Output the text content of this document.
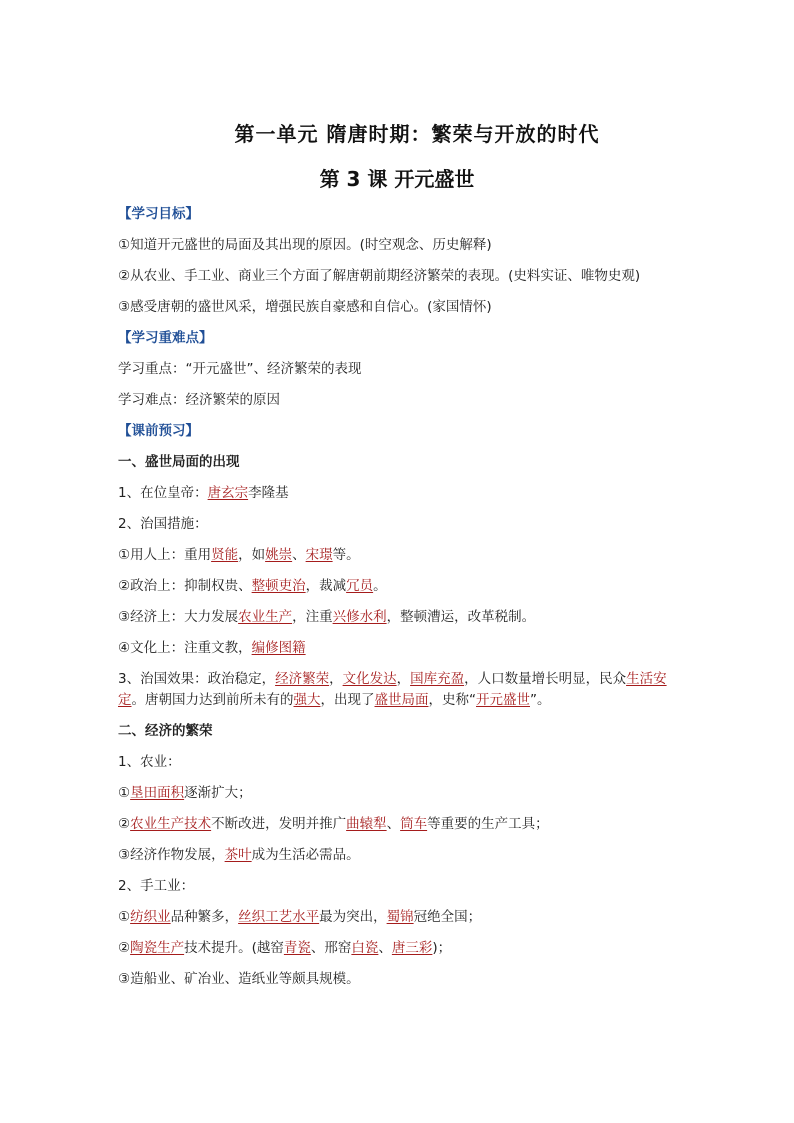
第一单元 隋唐时期：繁荣与开放的时代
第 3 课 开元盛世
【学习目标】
①知道开元盛世的局面及其出现的原因。(时空观念、历史解释)
②从农业、手工业、商业三个方面了解唐朝前期经济繁荣的表现。(史料实证、唯物史观)
③感受唐朝的盛世风采，增强民族自豪感和自信心。(家国情怀)
【学习重难点】
学习重点：“开元盛世”、经济繁荣的表现
学习难点：经济繁荣的原因
【课前预习】
一、盛世局面的出现
1、在位皇帝：唐玄宗李隆基
2、治国措施：
①用人上：重用贤能，如姚崇、宋璟等。
②政治上：抑制权贵、整顿吏治，裁减冗员。
③经济上：大力发展农业生产，注重兴修水利，整顿漕运，改革税制。
④文化上：注重文教，编修图籍
3、治国效果：政治稳定，经济繁荣，文化发达，国库充盈，人口数量增长明显，民众生活安定。唐朝国力达到前所未有的强大，出现了盛世局面，史称“开元盛世”。
二、经济的繁荣
1、农业：
①垦田面积逐渐扩大；
②农业生产技术不断改进，发明并推广曲辕犁、筒车等重要的生产工具；
③经济作物发展，茶叶成为生活必需品。
2、手工业：
①纺织业品种繁多，丝织工艺水平最为突出，蜀锦冠绝全国；
②陶瓷生产技术提升。(越窑青瓷、邢窑白瓷、唐三彩)；
③造船业、矿冶业、造纸业等颇具规模。
